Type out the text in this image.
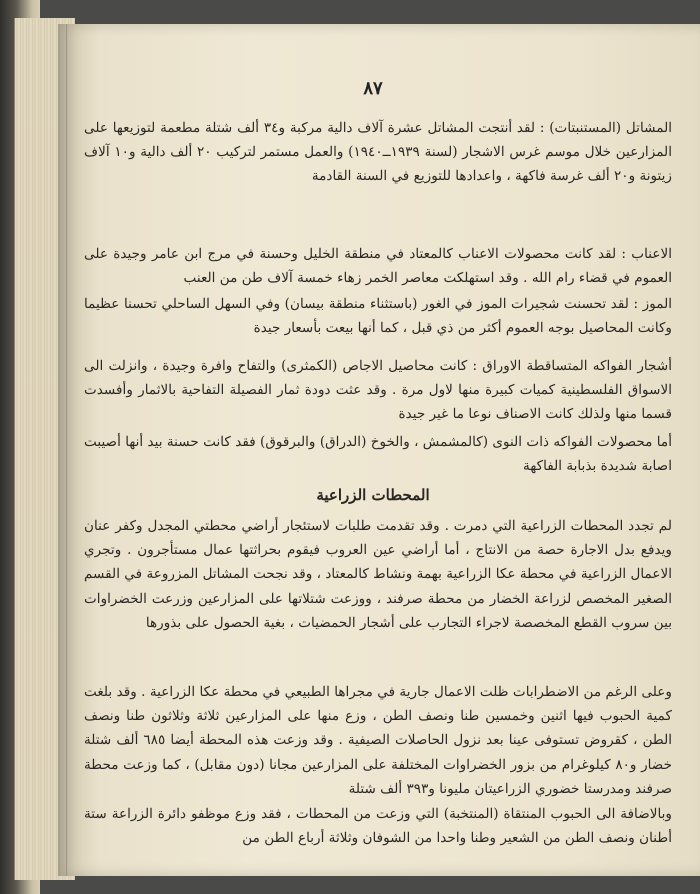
٨٧

المشاتل (المستنبتات) : لقد أنتجت المشاتل عشرة آلاف دالية مركبة و٣٤ ألف شتلة مطعمة لتوزيعها على المزارعين خلال موسم غرس الاشجار (لسنة ١٩٣٩ــ١٩٤٠) والعمل مستمر لتركيب ٢٠ ألف دالية و١٠ آلاف زيتونة و٢٠ ألف غرسة فاكهة ، واعدادها للتوزيع في السنة القادمة

الاعناب : لقد كانت محصولات الاعناب كالمعتاد في منطقة الخليل وحسنة في مرج ابن عامر وجيدة على العموم في قضاء رام الله . وقد استهلكت معاصر الخمر زهاء خمسة آلاف طن من العنب

الموز : لقد تحسنت شجيرات الموز في الغور (باستثناء منطقة بيسان) وفي السهل الساحلي تحسنا عظيما وكانت المحاصيل بوجه العموم أكثر من ذي قبل ، كما أنها بيعت بأسعار جيدة

أشجار الفواكه المتساقطة الاوراق : كانت محاصيل الاجاص (الكمثرى) والتفاح وافرة وجيدة ، وانزلت الى الاسواق الفلسطينية كميات كبيرة منها لاول مرة . وقد عثت دودة ثمار الفصيلة التفاحية بالاثمار وأفسدت قسما منها ولذلك كانت الاصناف نوعا ما غير جيدة

أما محصولات الفواكه ذات النوى (كالمشمش ، والخوخ (الدراق) والبرقوق) فقد كانت حسنة بيد أنها أصيبت اصابة شديدة بذبابة الفاكهة

المحطات الزراعية

لم تجدد المحطات الزراعية التي دمرت . وقد تقدمت طلبات لاستئجار أراضي محطتي المجدل وكفر عنان ويدفع بدل الاجارة حصة من الانتاج ، أما أراضي عين العروب فيقوم بحراثتها عمال مستأجرون . وتجري الاعمال الزراعية في محطة عكا الزراعية بهمة ونشاط كالمعتاد ، وقد نجحت المشاتل المزروعة في القسم الصغير المخصص لزراعة الخضار من محطة صرفند ، ووزعت شتلاتها على المزارعين وزرعت الخضراوات بين سروب القطع المخصصة لاجراء التجارب على أشجار الحمضيات ، بغية الحصول على بذورها

وعلى الرغم من الاضطرابات ظلت الاعمال جارية في مجراها الطبيعي في محطة عكا الزراعية . وقد بلغت كمية الحبوب فيها اثنين وخمسين طنا ونصف الطن ، وزع منها على المزارعين ثلاثة وثلاثون طنا ونصف الطن ، كقروض تستوفى عينا بعد نزول الحاصلات الصيفية . وقد وزعت هذه المحطة أيضا ٦٨٥ ألف شتلة خضار و٨٠ كيلوغرام من بزور الخضراوات المختلفة على المزارعين مجانا (دون مقابل) ، كما وزعت محطة صرفند ومدرستا خضوري الزراعيتان مليونا و٣٩٣ ألف شتلة

وبالاضافة الى الحبوب المنتقاة (المنتخبة) التي وزعت من المحطات ، فقد وزع موظفو دائرة الزراعة ستة أطنان ونصف الطن من الشعير وطنا واحدا من الشوفان وثلاثة أرباع الطن من
